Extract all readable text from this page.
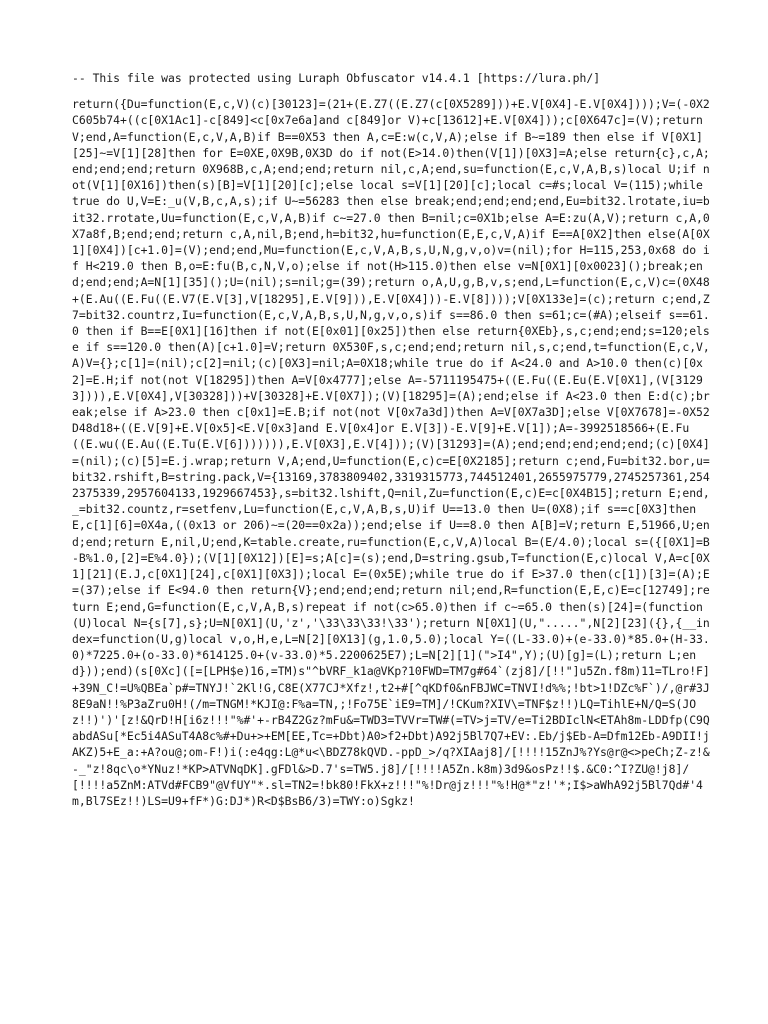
-- This file was protected using Luraph Obfuscator v14.4.1 [https://lura.ph/]
return({Du=function(E,c,V)(c)[30123]=(21+(E.Z7((E.Z7(c[0X5289]))+E.V[0X4]-E.V[0X4])));V=(-0X2C605b74+((c[0X1Ac1]-c[849]<c[0x7e6a]and c[849]or V)+c[13612]+E.V[0X4]));c[0X647c]=(V);return V;end,A=function(E,c,V,A,B)if B==0X53 then A,c=E:w(c,V,A);else if B~=189 then else if V[0X1][25]~=V[1][28]then for E=0XE,0X9B,0X3D do if not(E>14.0)then(V[1])[0X3]=A;else return{c},c,A;end;end;end;return 0X968B,c,A;end;end;return nil,c,A;end,su=function(E,c,V,A,B,s)local U;if not(V[1][0X16])then(s)[B]=V[1][20][c];else local s=V[1][20][c];local c=#s;local V=(115);while true do U,V=E:_u(V,B,c,A,s);if U~=56283 then else break;end;end;end;end,Eu=bit32.lrotate,iu=bit32.rrotate,Uu=function(E,c,V,A,B)if c~=27.0 then B=nil;c=0X1b;else A=E:zu(A,V);return c,A,0X7a8f,B;end;end;return c,A,nil,B;end,h=bit32,hu=function(E,E,c,V,A)if E==A[0X2]then else(A[0X1][0X4])[c+1.0]=(V);end;end,Mu=function(E,c,V,A,B,s,U,N,g,v,o)v=(nil);for H=115,253,0x68 do if H<219.0 then B,o=E:fu(B,c,N,V,o);else if not(H>115.0)then else v=N[0X1][0x0023]();break;end;end;end;A=N[1][35]();U=(nil);s=nil;g=(39);return o,A,U,g,B,v,s;end,L=function(E,c,V)c=(0X48+(E.Au((E.Fu((E.V7(E.V[3],V[18295],E.V[9])),E.V[0X4]))-E.V[8])));V[0X133e]=(c);return c;end,Z7=bit32.countrz,Iu=function(E,c,V,A,B,s,U,N,g,v,o,s)if s==86.0 then s=61;c=(#A);elseif s==61.0 then if B==E[0X1][16]then if not(E[0x01][0x25])then else return{0XEb},s,c;end;end;s=120;else if s==120.0 then(A)[c+1.0]=V;return 0X530F,s,c;end;end;return nil,s,c;end,t=function(E,c,V,A)V={};c[1]=(nil);c[2]=nil;(c)[0X3]=nil;A=0X18;while true do if A<24.0 and A>10.0 then(c)[0x2]=E.H;if not(not V[18295])then A=V[0x4777];else A=-5711195475+((E.Fu((E.Eu(E.V[0X1],(V[31293]))),E.V[0X4],V[30328]))+V[30328]+E.V[0X7]);(V)[18295]=(A);end;else if A<23.0 then E:d(c);break;else if A>23.0 then c[0x1]=E.B;if not(not V[0x7a3d])then A=V[0X7a3D];else V[0X7678]=-0X52D48d18+((E.V[9]+E.V[0x5]<E.V[0x3]and E.V[0x4]or E.V[3])-E.V[9]+E.V[1]);A=-3992518566+(E.Fu((E.wu((E.Au((E.Tu(E.V[6])))))),E.V[0X3],E.V[4]));(V)[31293]=(A);end;end;end;end;end;(c)[0X4]=(nil);(c)[5]=E.j.wrap;return V,A;end,U=function(E,c)c=E[0X2185];return c;end,Fu=bit32.bor,u=bit32.rshift,B=string.pack,V={13169,3783809402,3319315773,744512401,2655975779,2745257361,2542375339,2957604133,1929667453},s=bit32.lshift,Q=nil,Zu=function(E,c)E=c[0X4B15];return E;end,_=bit32.countz,r=setfenv,Lu=function(E,c,V,A,B,s,U)if U==13.0 then U=(0X8);if s==c[0X3]then E,c[1][6]=0X4a,((0x13 or 206)~=(20==0x2a));end;else if U==8.0 then A[B]=V;return E,51966,U;end;end;return E,nil,U;end,K=table.create,ru=function(E,c,V,A)local B=(E/4.0);local s=({[0X1]=B-B%1.0,[2]=E%4.0});(V[1][0X12])[E]=s;A[c]=(s);end,D=string.gsub,T=function(E,c)local V,A=c[0X1][21](E.J,c[0X1][24],c[0X1][0X3]);local E=(0x5E);while true do if E>37.0 then(c[1])[3]=(A);E=(37);else if E<94.0 then return{V};end;end;end;return nil;end,R=function(E,E,c)E=c[12749];return E;end,G=function(E,c,V,A,B,s)repeat if not(c>65.0)then if c~=65.0 then(s)[24]=(function(U)local N={s[7],s};U=N[0X1](U,'z','\33\33\33!\33');return N[0X1](U,".....",N[2][23]({},{__index=function(U,g)local v,o,H,e,L=N[2][0X13](g,1.0,5.0);local Y=((L-33.0)+(e-33.0)*85.0+(H-33.0)*7225.0+(o-33.0)*614125.0+(v-33.0)*5.2200625E7);L=N[2][1](">I4",Y);(U)[g]=(L);return L;end}));end)(s[0Xc]([=[LPH$e)16,=TM)s"^bVRF_k1a@VKp?10FWD=TM7g#64`(zj8]/[!!"]u5Zn.f8m)11=TLro!F]+39N_C!=U%QBEa`p#=TNYJ!`2Kl!G,C8E(X77CJ*Xfz!,t2+#[^qKDf0&nFBJWC=TNVI!d%%;!bt>1!DZc%F`)/,@r#3J8E9aN!!%P3aZru0H!(/m=TNGM!*KJI@:F%a=TN,;!Fo75E`iE9=TM]/!CKum?XIV\=TNF$z!!)LQ=TihlE+N/Q=S(JOz!!)')'[z!&QrD!H[i6z!!!"%#'+-rB4Z2Gz?mFu&=TWD3=TVVr=TW#(=TV>j=TV/e=Ti2BDIclN<ETAh8m-LDDfp(C9QabdASu[*Ec5i4ASuT4A8c%#+Du+>+EM[EE,Tc=+Dbt)A0>f2+Dbt)A92j5Bl7Q7+EV:.Eb/j$Eb-A=Dfm12Eb-A9DII!jAKZ)5+E_a:+A?ou@;om-F!)i(:e4qg:L@*u<\BDZ78kQVD.-ppD_>/q?XIAaj8]/[!!!!15ZnJ%?Ys@r@<>peCh;Z-z!&-_"z!8qc\o*YNuz!*KP>ATVNqDK].gFDl&>D.7's=TW5.j8]/[!!!!A5Zn.k8m)3d9&osPz!!$.&C0:^I?ZU@!j8]/[!!!!a5ZnM:ATVd#FCB9"@VfUY"*.sl=TN2=!bk80!FkX+z!!!"%!Dr@jz!!!"%!H@*"z!'*;I$>aWhA92j5Bl7Qd#'4m,Bl7SEz!!)LS=U9+fF*)G:DJ*)R<D$BsB6/3)=TWY:o)Sgkz!
